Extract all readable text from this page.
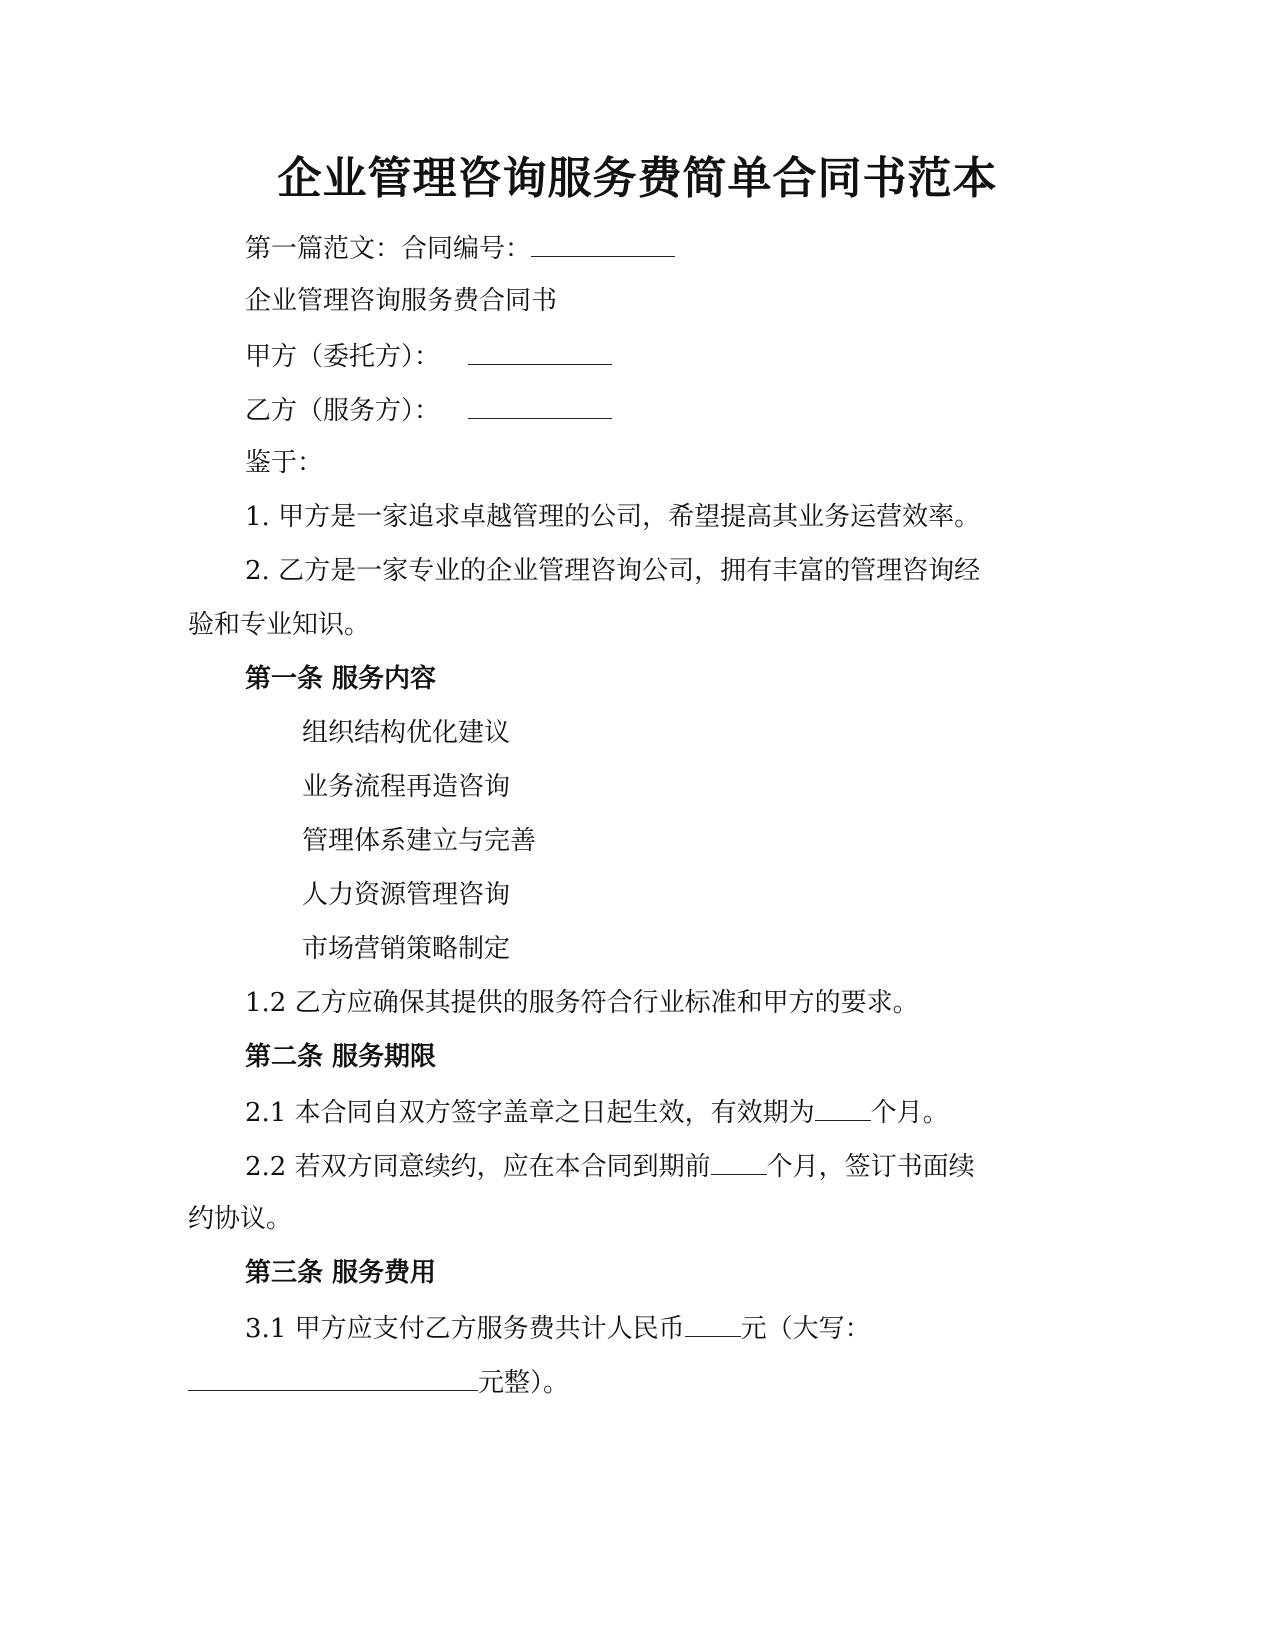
企业管理咨询服务费简单合同书范本
第一篇范文：合同编号：
企业管理咨询服务费合同书
甲方（委托方）：
乙方（服务方）：
鉴于：
1. 甲方是一家追求卓越管理的公司，希望提高其业务运营效率。
2. 乙方是一家专业的企业管理咨询公司，拥有丰富的管理咨询经
验和专业知识。
第一条 服务内容
组织结构优化建议
业务流程再造咨询
管理体系建立与完善
人力资源管理咨询
市场营销策略制定
1.2 乙方应确保其提供的服务符合行业标准和甲方的要求。
第二条 服务期限
2.1 本合同自双方签字盖章之日起生效，有效期为 个月。
2.2 若双方同意续约，应在本合同到期前 个月，签订书面续
约协议。
第三条 服务费用
3.1 甲方应支付乙方服务费共计人民币 元（大写：
元整）。
